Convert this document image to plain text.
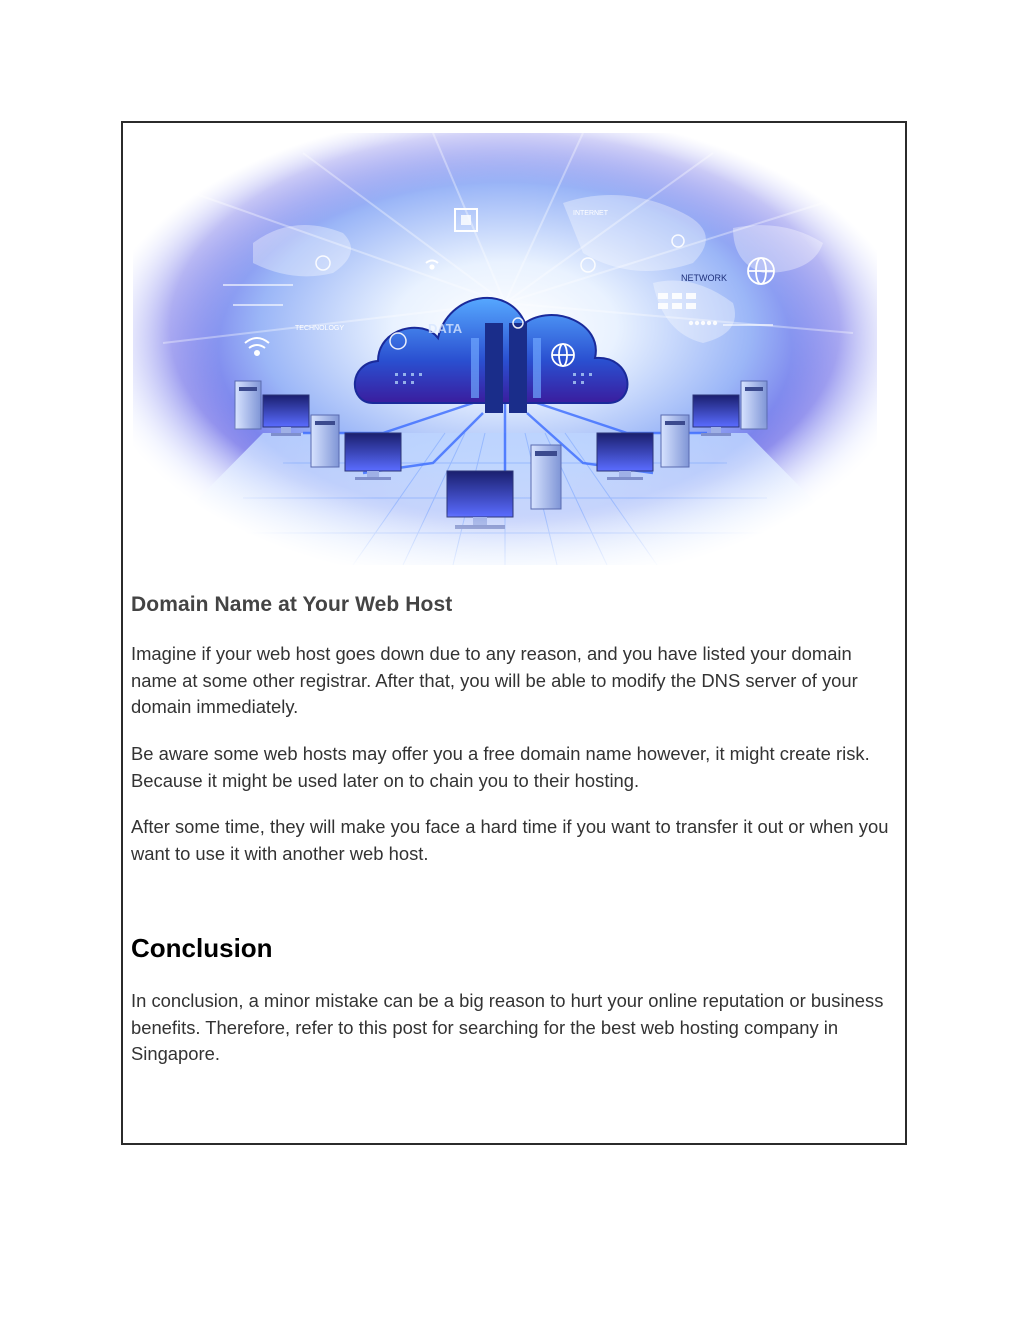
Domain Name at Your Web Host

Imagine if your web host goes down due to any reason, and you have listed your domain name at some other registrar. After that, you will be able to modify the DNS server of your domain immediately.

Be aware some web hosts may offer you a free domain name however, it might create risk. Because it might be used later on to chain you to their hosting.

After some time, they will make you face a hard time if you want to transfer it out or when you want to use it with another web host.

Conclusion

In conclusion, a minor mistake can be a big reason to hurt your online reputation or business benefits. Therefore, refer to this post for searching for the best web hosting company in Singapore.
